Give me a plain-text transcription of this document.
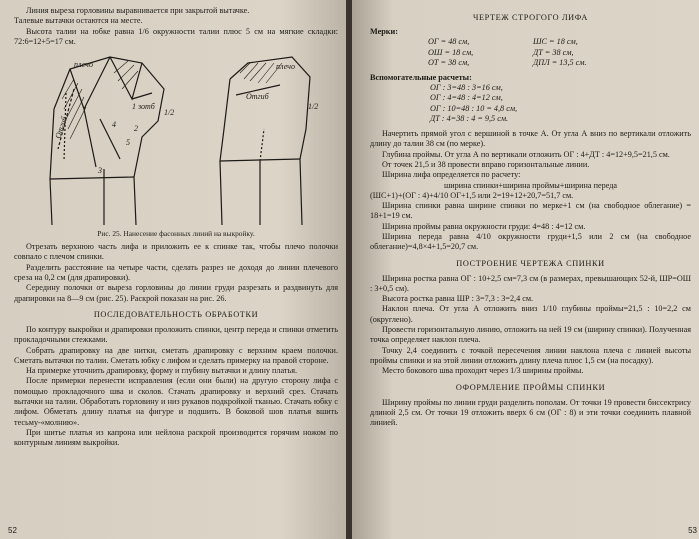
Линия выреза горловины выравнивается при закрытой вытачке.

Талевые вытачки остаются на месте.

Высота талии на юбке равна 1/6 окружности талии плюс 5 см на мягкие складки: 72:6=12+5=17 см.

плечо	плечо
1 зотб
1/2
1/2
Отгиб
Отгиб
2
4
3
5
Рис. 25. Нанесение фасонных линий на выкройку.

Отрезать верхнюю часть лифа и приложить ее к спинке так, чтобы плечо полочки совпало с плечом спинки.

Разделить расстояние на четыре части, сделать разрез не доходя до линии плечевого среза на 0,2 см (для драпировки).

Середину полочки от выреза горловины до линии груди разрезать и раздвинуть для драпировки на 8—9 см (рис. 25). Раскрой показан на рис. 26.

ПОСЛЕДОВАТЕЛЬНОСТЬ ОБРАБОТКИ

По контуру выкройки и драпировки проложить спинки, центр переда и спинки отметить прокладочными стежками.

Собрать драпировку на две нитки, сметать драпировку с верхним краем полочки. Сметать вытачки по талии. Сметать юбку с лифом и сделать примерку на правой стороне.

На примерке уточнить драпировку, форму и глубину вытачки и длину платья.

После примерки перенести исправления (если они были) на другую сторону лифа с помощью прокладочного шва и сколов. Стачать драпировку и верхний срез. Стачать вытачки на талии. Обработать горловину и низ рукавов подкройкой тканью. Стачать юбку с лифом. Обметать длину платья на фигуре и подшить. В боковой шов платья вшить тесьму-«молнию».

При шитье платья из капрона или нейлона раскрой производится горячим ножом по контурным линиям выкройки.

52
ЧЕРТЕЖ СТРОГОГО ЛИФА

Мерки:

ОГ = 48 см,	ШС = 18 см,
ОШ = 18 см,	ДТ = 38 см,
ОТ = 38 см,	ДПЛ = 13,5 см.

Вспомогательные расчеты:

ОГ : 3=48 : 3=16 см,
ОГ : 4=48 : 4=12 см,
ОГ : 10=48 : 10 = 4,8 см,
ДТ : 4=38 : 4 = 9,5 см.

Начертить прямой угол с вершиной в точке А. От угла А вниз по вертикали отложить длину до талии 38 см (по мерке).

Глубина проймы. От угла А по вертикали отложить ОГ : 4+ДТ : 4=12+9,5=21,5 см.

От точек 21,5 и 38 провести вправо горизонтальные линии.

Ширина лифа определяется по расчету:

ширина спинки+ширина проймы+ширина переда

(ШС+1)+(ОГ : 4)+4/10 ОГ+1,5 или 2=19+12+20,7=51,7 см.

Ширина спинки равна ширине спинки по мерке+1 см (на свободное облегание) = 18+1=19 см.

Ширина проймы равна окружности груди: 4=48 : 4=12 см.

Ширина переда равна 4/10 окружности груди+1,5 или 2 см (на свободное облегание)=4,8×4+1,5=20,7 см.

ПОСТРОЕНИЕ ЧЕРТЕЖА СПИНКИ

Ширина ростка равна ОГ : 10+2,5 см=7,3 см (в размерах, превышающих 52-й, ШР=ОШ : 3+0,5 см).

Высота ростка равна ШР : 3=7,3 : 3=2,4 см.

Наклон плеча. От угла А отложить вниз 1/10 глубины проймы=21,5 : 10=2,2 см (округлено).

Провести горизонтальную линию, отложить на ней 19 см (ширину спинки). Полученная точка определяет наклон плеча.

Точку 2,4 соединить с точкой пересечения линии наклона плеча с линией высоты проймы спинки и на этой линии отложить длину плеча плюс 1,5 см (на посадку).

Место бокового шва проходит через 1/3 ширины проймы.

ОФОРМЛЕНИЕ ПРОЙМЫ СПИНКИ

Ширину проймы по линии груди разделить пополам. От точки 19 провести биссектрису длиной 2,5 см. От точки 19 отложить вверх 6 см (ОГ : 8) и эти точки соединить плавной линией.

53
